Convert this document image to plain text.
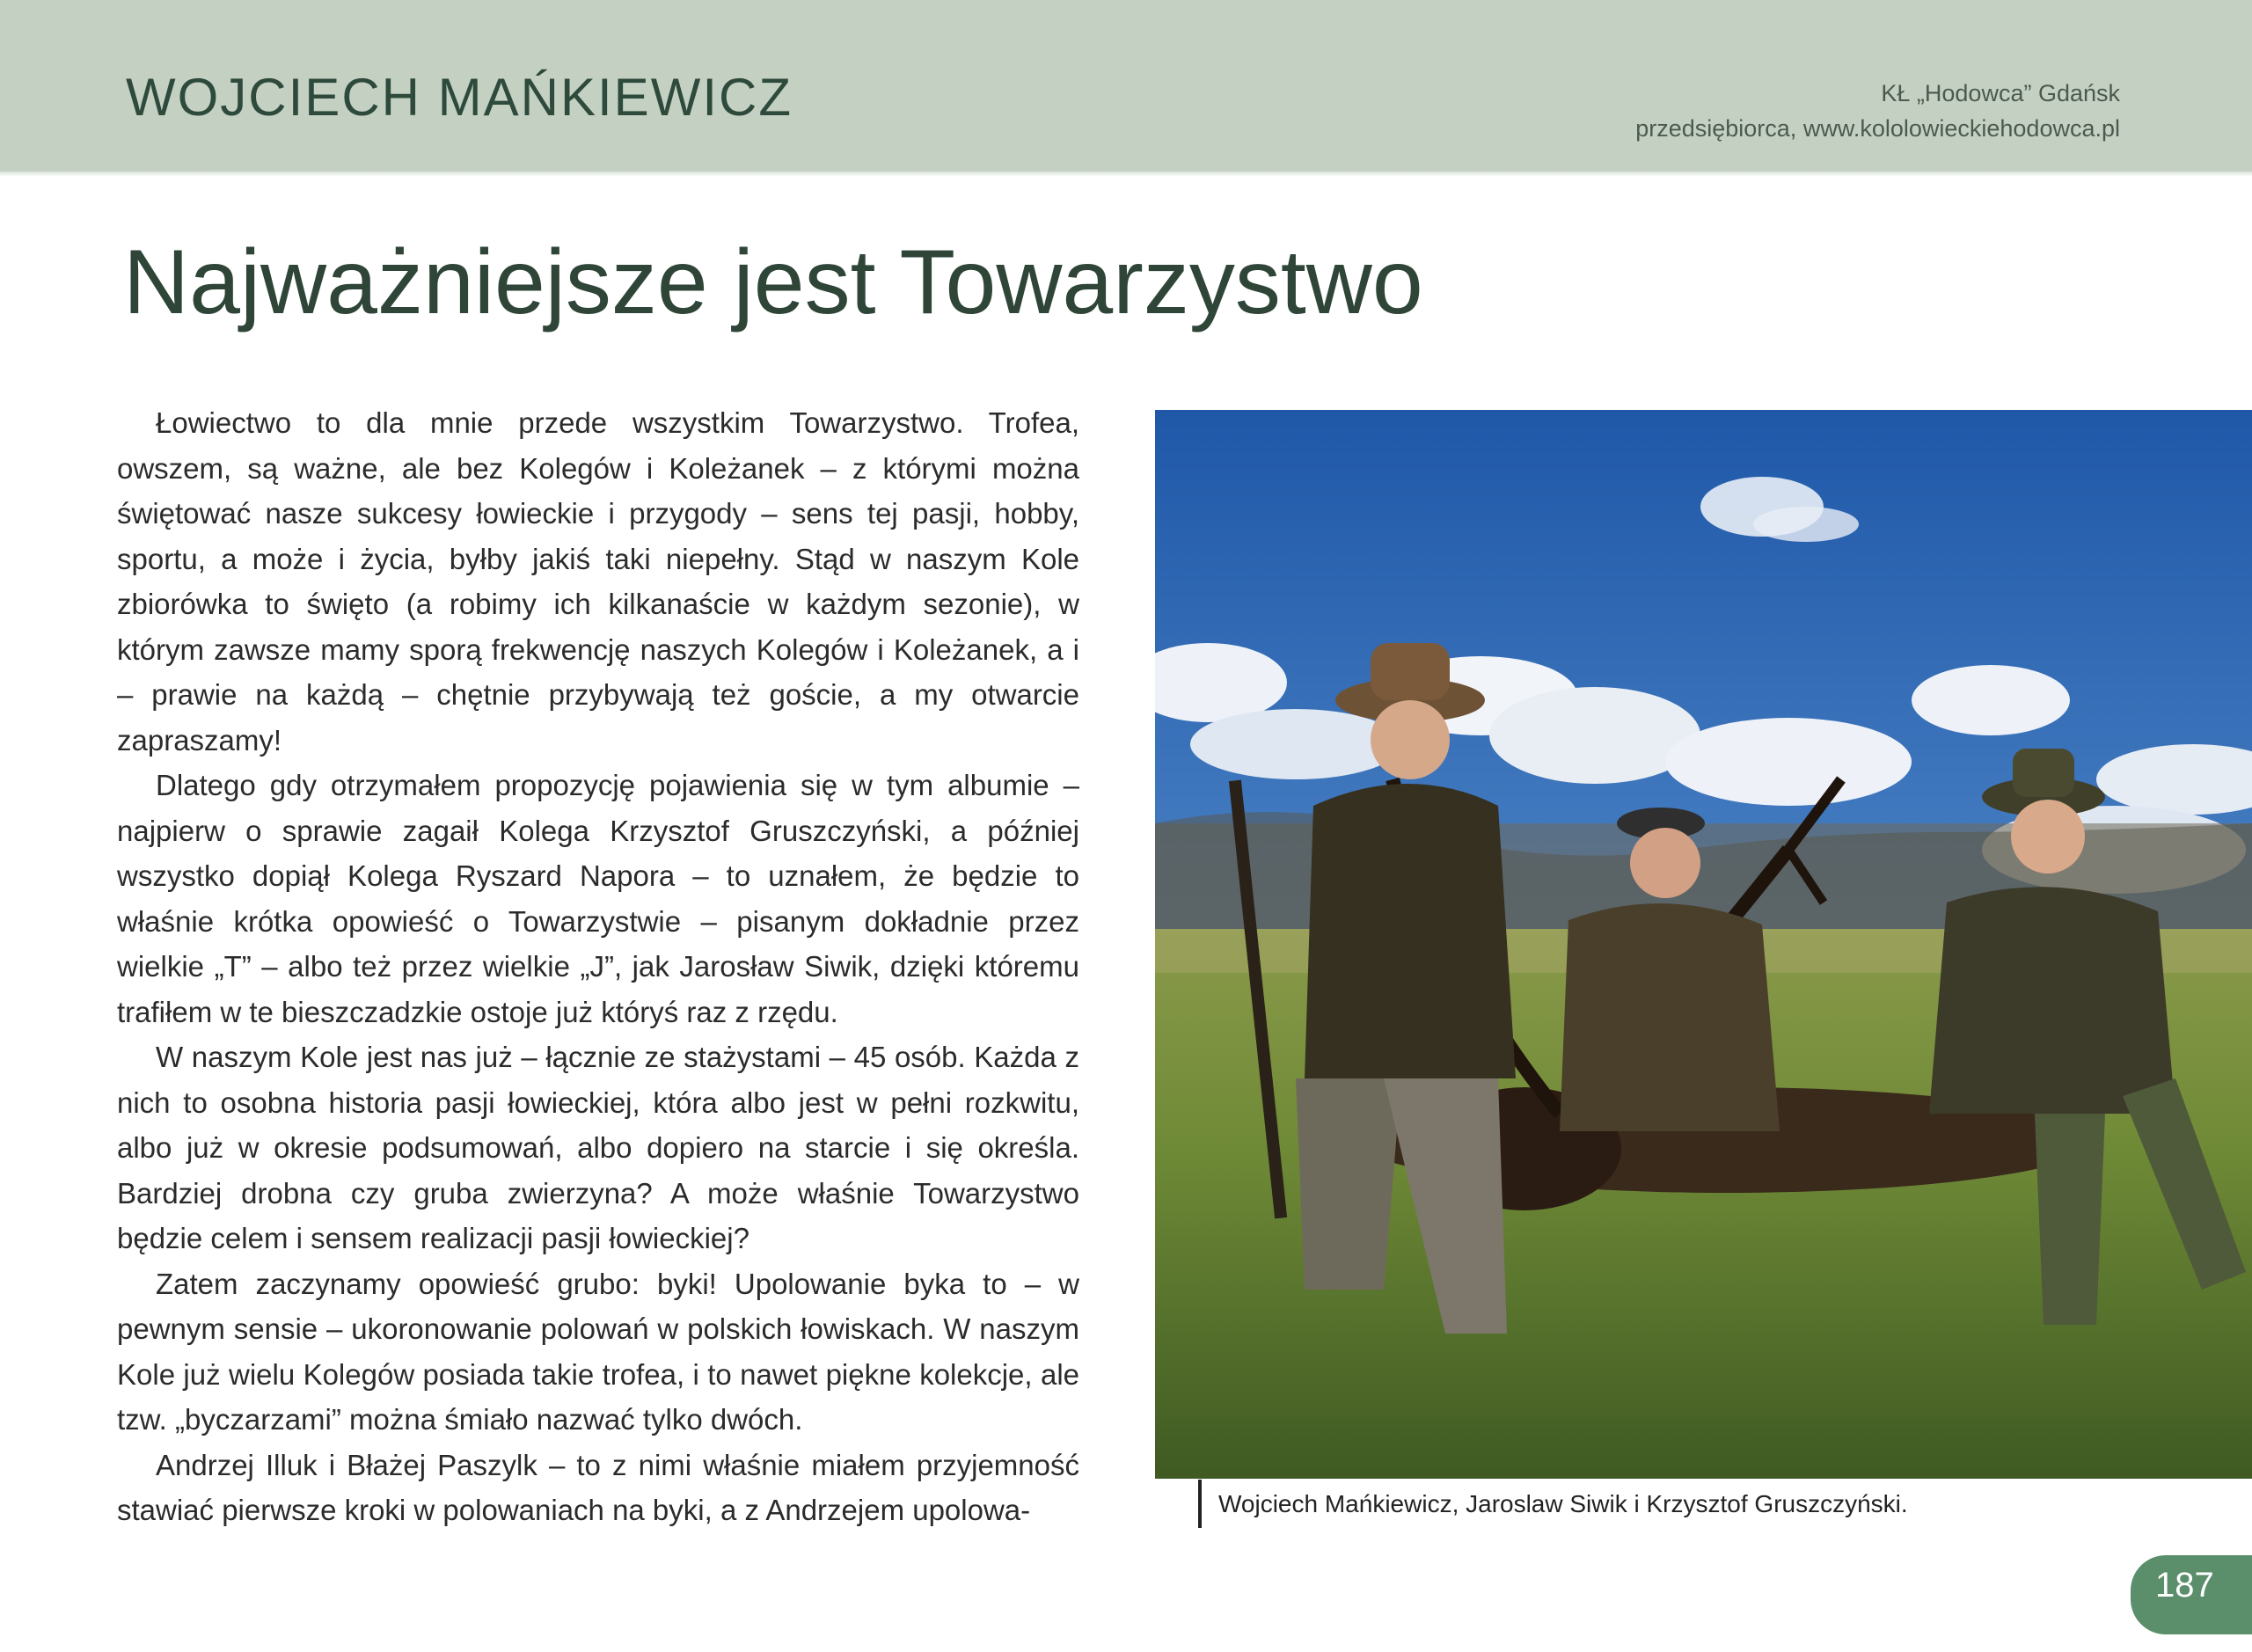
WOJCIECH MAŃKIEWICZ	KŁ „Hodowca” Gdańsk
przedsiębiorca, www.kololowieckiehodowca.pl
Najważniejsze jest Towarzystwo

Łowiectwo to dla mnie przede wszystkim Towarzystwo. Trofea, owszem, są ważne, ale bez Kolegów i Koleżanek – z którymi można świętować nasze sukcesy łowieckie i przygody – sens tej pasji, hobby, sportu, a może i życia, byłby jakiś taki niepełny. Stąd w naszym Kole zbiorówka to święto (a robimy ich kilkanaście w każdym sezonie), w którym zawsze mamy sporą frekwencję naszych Kolegów i Koleżanek, a i – prawie na każdą – chętnie przybywają też goście, a my otwarcie zapraszamy!

Dlatego gdy otrzymałem propozycję pojawienia się w tym albumie – najpierw o sprawie zagaił Kolega Krzysztof Gruszczyński, a później wszystko dopiął Kolega Ryszard Napora – to uznałem, że będzie to właśnie krótka opowieść o Towarzystwie – pisanym dokładnie przez wielkie „T” – albo też przez wielkie „J”, jak Jarosław Siwik, dzięki któremu trafiłem w te bieszczadzkie ostoje już któryś raz z rzędu.

W naszym Kole jest nas już – łącznie ze stażystami – 45 osób. Każda z nich to osobna historia pasji łowieckiej, która albo jest w pełni rozkwitu, albo już w okresie podsumowań, albo dopiero na starcie i się określa. Bardziej drobna czy gruba zwierzyna? A może właśnie Towarzystwo będzie celem i sensem realizacji pasji łowieckiej?

Zatem zaczynamy opowieść grubo: byki! Upolowanie byka to – w pewnym sensie – ukoronowanie polowań w polskich łowiskach. W naszym Kole już wielu Kolegów posiada takie trofea, i to nawet piękne kolekcje, ale tzw. „byczarzami” można śmiało nazwać tylko dwóch.

Andrzej Illuk i Błażej Paszylk – to z nimi właśnie miałem przyjemność stawiać pierwsze kroki w polowaniach na byki, a z Andrzejem upolowa-	Wojciech Mańkiewicz, Jaroslaw Siwik i Krzysztof Gruszczyński.
187
